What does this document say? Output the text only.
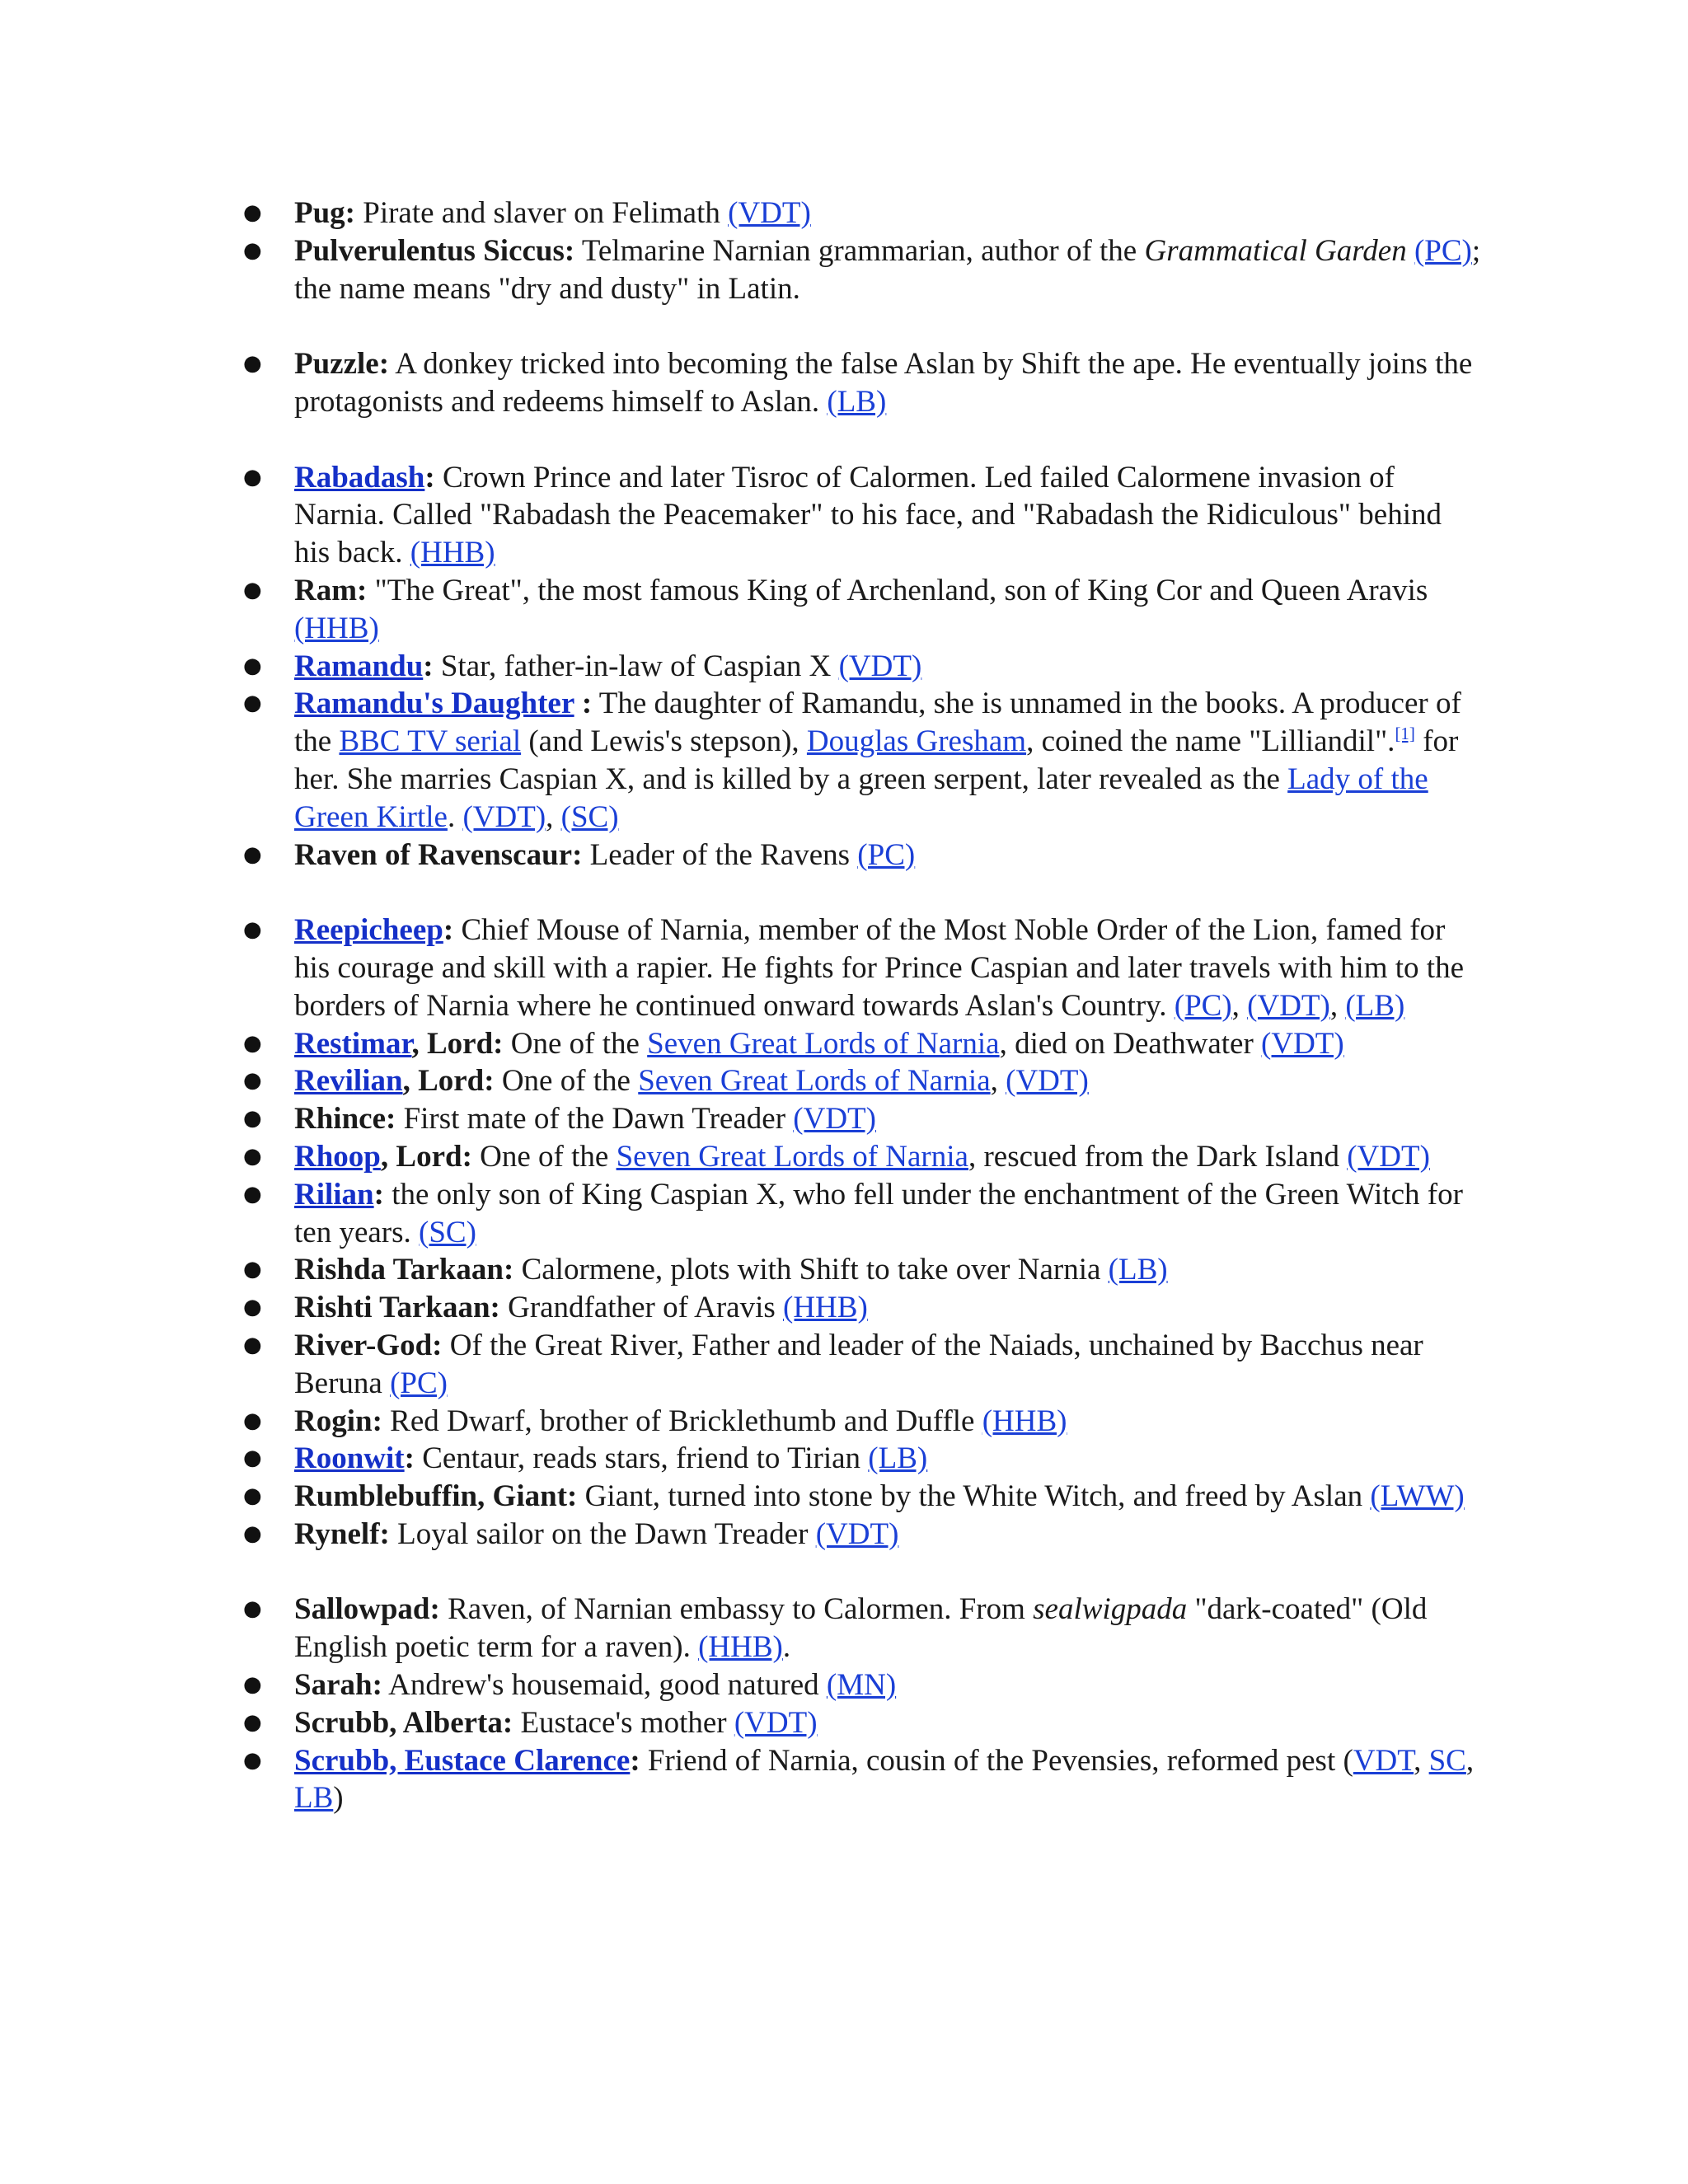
● Pug: Pirate and slaver on Felimath (VDT)

● Pulverulentus Siccus: Telmarine Narnian grammarian, author of the Grammatical Garden (PC); the name means "dry and dusty" in Latin.

● Puzzle: A donkey tricked into becoming the false Aslan by Shift the ape. He eventually joins the protagonists and redeems himself to Aslan. (LB)

● Rabadash: Crown Prince and later Tisroc of Calormen. Led failed Calormene invasion of Narnia. Called "Rabadash the Peacemaker" to his face, and "Rabadash the Ridiculous" behind his back. (HHB)

● Ram: "The Great", the most famous King of Archenland, son of King Cor and Queen Aravis (HHB)

● Ramandu: Star, father-in-law of Caspian X (VDT)

● Ramandu's Daughter : The daughter of Ramandu, she is unnamed in the books. A producer of the BBC TV serial (and Lewis's stepson), Douglas Gresham, coined the name "Lilliandil".[1] for her. She marries Caspian X, and is killed by a green serpent, later revealed as the Lady of the Green Kirtle. (VDT), (SC)

● Raven of Ravenscaur: Leader of the Ravens (PC)

● Reepicheep: Chief Mouse of Narnia, member of the Most Noble Order of the Lion, famed for his courage and skill with a rapier. He fights for Prince Caspian and later travels with him to the borders of Narnia where he continued onward towards Aslan's Country. (PC), (VDT), (LB)

● Restimar, Lord: One of the Seven Great Lords of Narnia, died on Deathwater (VDT)

● Revilian, Lord: One of the Seven Great Lords of Narnia, (VDT)

● Rhince: First mate of the Dawn Treader (VDT)

● Rhoop, Lord: One of the Seven Great Lords of Narnia, rescued from the Dark Island (VDT)

● Rilian: the only son of King Caspian X, who fell under the enchantment of the Green Witch for ten years. (SC)

● Rishda Tarkaan: Calormene, plots with Shift to take over Narnia (LB)

● Rishti Tarkaan: Grandfather of Aravis (HHB)

● River-God: Of the Great River, Father and leader of the Naiads, unchained by Bacchus near Beruna (PC)

● Rogin: Red Dwarf, brother of Bricklethumb and Duffle (HHB)

● Roonwit: Centaur, reads stars, friend to Tirian (LB)

● Rumblebuffin, Giant: Giant, turned into stone by the White Witch, and freed by Aslan (LWW)

● Rynelf: Loyal sailor on the Dawn Treader (VDT)

● Sallowpad: Raven, of Narnian embassy to Calormen. From sealwigpada "dark-coated" (Old English poetic term for a raven). (HHB).

● Sarah: Andrew's housemaid, good natured (MN)

● Scrubb, Alberta: Eustace's mother (VDT)

● Scrubb, Eustace Clarence: Friend of Narnia, cousin of the Pevensies, reformed pest (VDT, SC, LB)
